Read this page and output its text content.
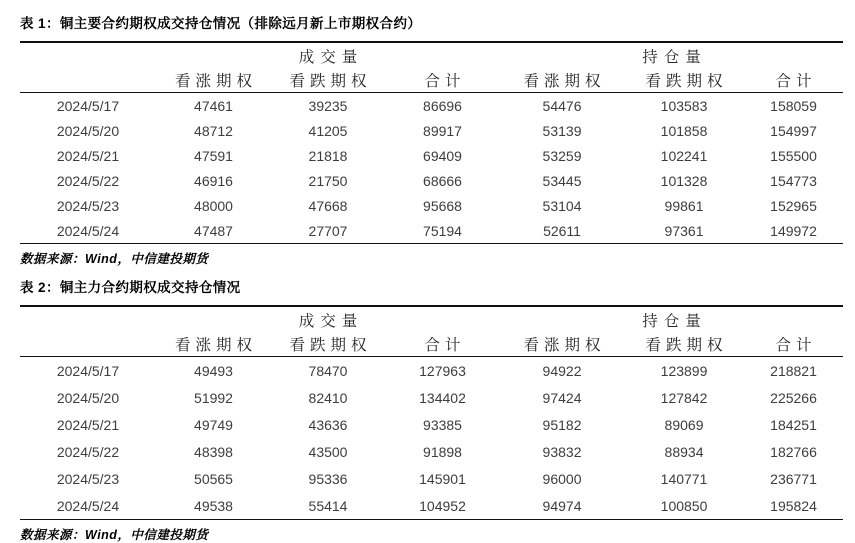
表 1：铜主要合约期权成交持仓情况（排除远月新上市期权合约）
	成交量			持仓量		
	看涨期权	看跌期权	合计	看涨期权	看跌期权	合计
2024/5/17	47461	39235	86696	54476	103583	158059
2024/5/20	48712	41205	89917	53139	101858	154997
2024/5/21	47591	21818	69409	53259	102241	155500
2024/5/22	46916	21750	68666	53445	101328	154773
2024/5/23	48000	47668	95668	53104	99861	152965
2024/5/24	47487	27707	75194	52611	97361	149972

数据来源：Wind，中信建投期货

表 2：铜主力合约期权成交持仓情况
	成交量			持仓量		
	看涨期权	看跌期权	合计	看涨期权	看跌期权	合计
2024/5/17	49493	78470	127963	94922	123899	218821
2024/5/20	51992	82410	134402	97424	127842	225266
2024/5/21	49749	43636	93385	95182	89069	184251
2024/5/22	48398	43500	91898	93832	88934	182766
2024/5/23	50565	95336	145901	96000	140771	236771
2024/5/24	49538	55414	104952	94974	100850	195824

数据来源：Wind，中信建投期货
